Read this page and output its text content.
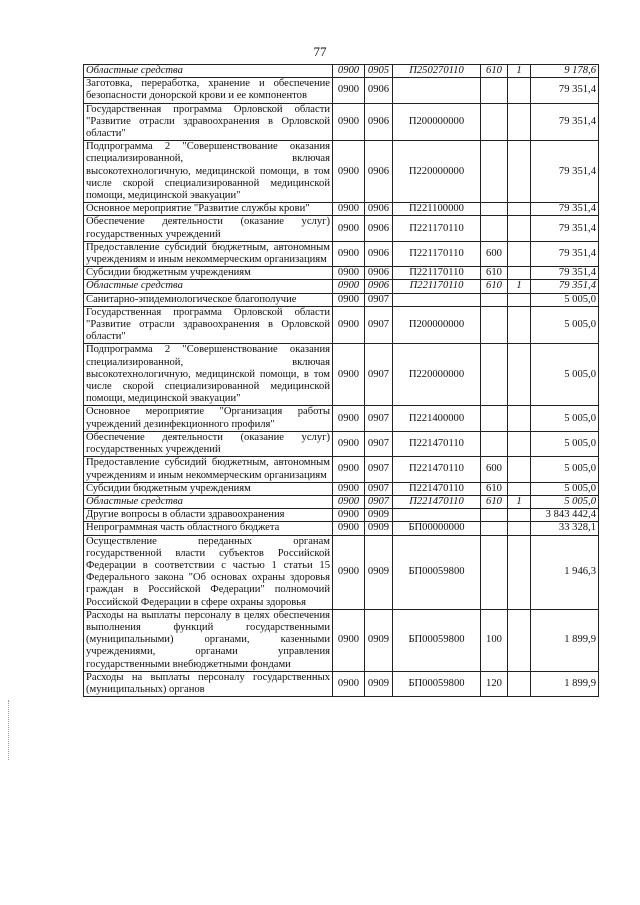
77
Областные средства	0900	0905	П250270110	610	1	9 178,6
Заготовка, переработка, хранение и обеспечение безопасности донорской крови и ее компонентов	0900	0906				79 351,4
Государственная программа Орловской области "Развитие отрасли здравоохранения в Орловской области"	0900	0906	П200000000			79 351,4
Подпрограмма 2 "Совершенствование оказания специализированной, включая высокотехнологичную, медицинской помощи, в том числе скорой специализированной медицинской помощи, медицинской эвакуации"	0900	0906	П220000000			79 351,4
Основное мероприятие "Развитие службы крови"	0900	0906	П221100000			79 351,4
Обеспечение деятельности (оказание услуг) государственных учреждений	0900	0906	П221170110			79 351,4
Предоставление субсидий бюджетным, автономным учреждениям и иным некоммерческим организациям	0900	0906	П221170110	600		79 351,4
Субсидии бюджетным учреждениям	0900	0906	П221170110	610		79 351,4
Областные средства	0900	0906	П221170110	610	1	79 351,4
Санитарно-эпидемиологическое благополучие	0900	0907				5 005,0
Государственная программа Орловской области "Развитие отрасли здравоохранения в Орловской области"	0900	0907	П200000000			5 005,0
Подпрограмма 2 "Совершенствование оказания специализированной, включая высокотехнологичную, медицинской помощи, в том числе скорой специализированной медицинской помощи, медицинской эвакуации"	0900	0907	П220000000			5 005,0
Основное мероприятие "Организация работы учреждений дезинфекционного профиля"	0900	0907	П221400000			5 005,0
Обеспечение деятельности (оказание услуг) государственных учреждений	0900	0907	П221470110			5 005,0
Предоставление субсидий бюджетным, автономным учреждениям и иным некоммерческим организациям	0900	0907	П221470110	600		5 005,0
Субсидии бюджетным учреждениям	0900	0907	П221470110	610		5 005,0
Областные средства	0900	0907	П221470110	610	1	5 005,0
Другие вопросы в области здравоохранения	0900	0909				3 843 442,4
Непрограммная часть областного бюджета	0900	0909	БП00000000			33 328,1
Осуществление переданных органам государственной власти субъектов Российской Федерации в соответствии с частью 1 статьи 15 Федерального закона "Об основах охраны здоровья граждан в Российской Федерации" полномочий Российской Федерации в сфере охраны здоровья	0900	0909	БП00059800			1 946,3
Расходы на выплаты персоналу в целях обеспечения выполнения функций государственными (муниципальными) органами, казенными учреждениями, органами управления государственными внебюджетными фондами	0900	0909	БП00059800	100		1 899,9
Расходы на выплаты персоналу государственных (муниципальных) органов	0900	0909	БП00059800	120		1 899,9
